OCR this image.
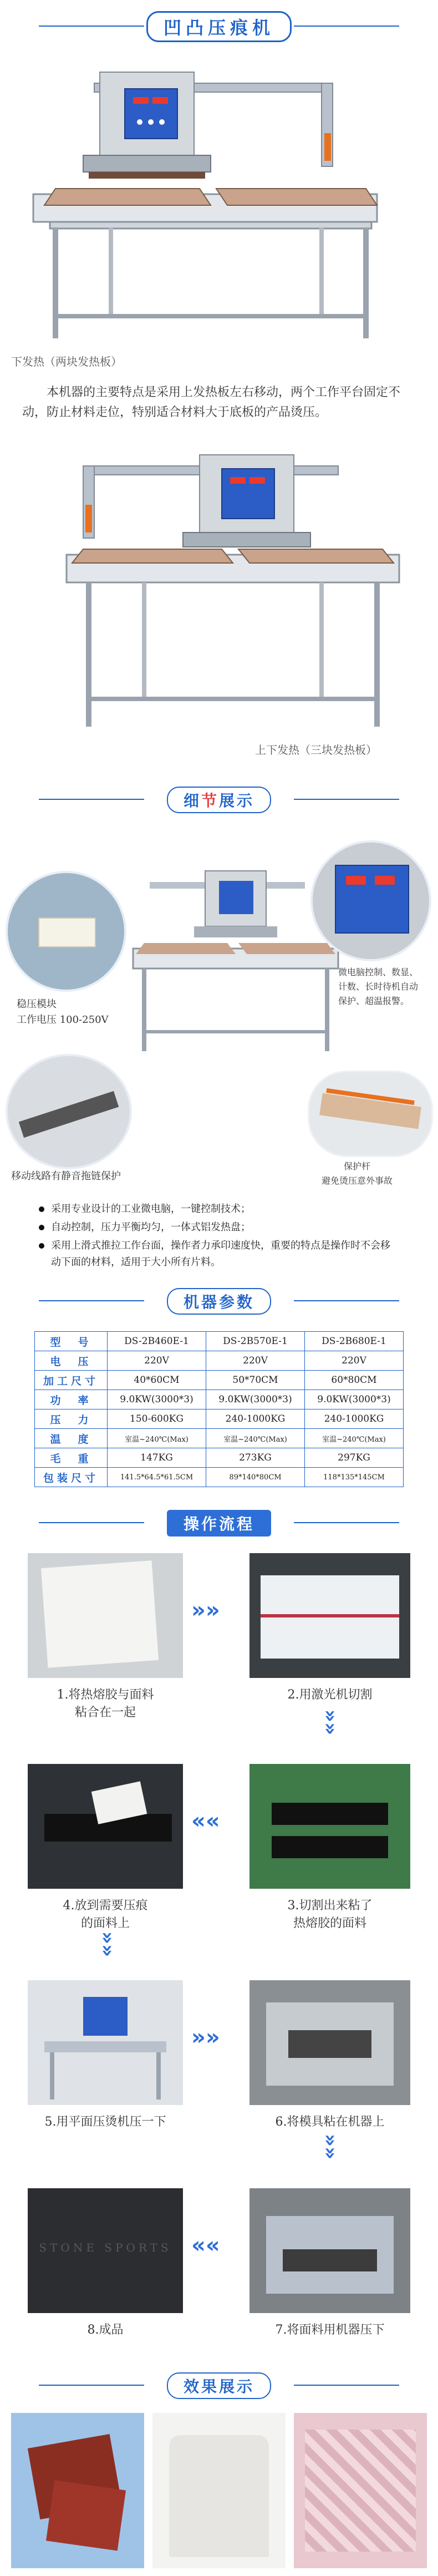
凹凸压痕机
下发热（两块发热板）
本机器的主要特点是采用上发热板左右移动，两个工作平台固定不动，防止材料走位，特别适合材料大于底板的产品烫压。
上下发热（三块发热板）
细 节 展示
稳压模块
工作电压 100-250V
微电脑控制、数显、
计数、长时待机自动
保护、超温报警。
移动线路有静音拖链保护
保护杆
避免烫压意外事故
采用专业设计的工业微电脑，一键控制技术；
自动控制，压力平衡均匀，一体式铝发热盘；
采用上滑式推拉工作台面，操作者力承印速度快，重要的特点是操作时不会移动下面的材料，适用于大小所有片料。
机器参数
型　号	DS-2B460E-1	DS-2B570E-1	DS-2B680E-1
电　压	220V	220V	220V
加工尺寸	40*60CM	50*70CM	60*80CM
功　率	9.0KW(3000*3)	9.0KW(3000*3)	9.0KW(3000*3)
压　力	150-600KG	240-1000KG	240-1000KG
温　度	室温~240℃(Max)	室温~240℃(Max)	室温~240℃(Max)
毛　重	147KG	273KG	297KG
包装尺寸	141.5*64.5*61.5CM	89*140*80CM	118*135*145CM
操作流程
»»
1.将热熔胶与面料
粘合在一起
2.用激光机切割
»»
««
4.放到需要压痕
的面料上
3.切割出来粘了
热熔胶的面料
»»
»»
5.用平面压烫机压一下	6.将模具粘在机器上
»»
STONE SPORTS ««
8.成品	7.将面料用机器压下
效果展示
